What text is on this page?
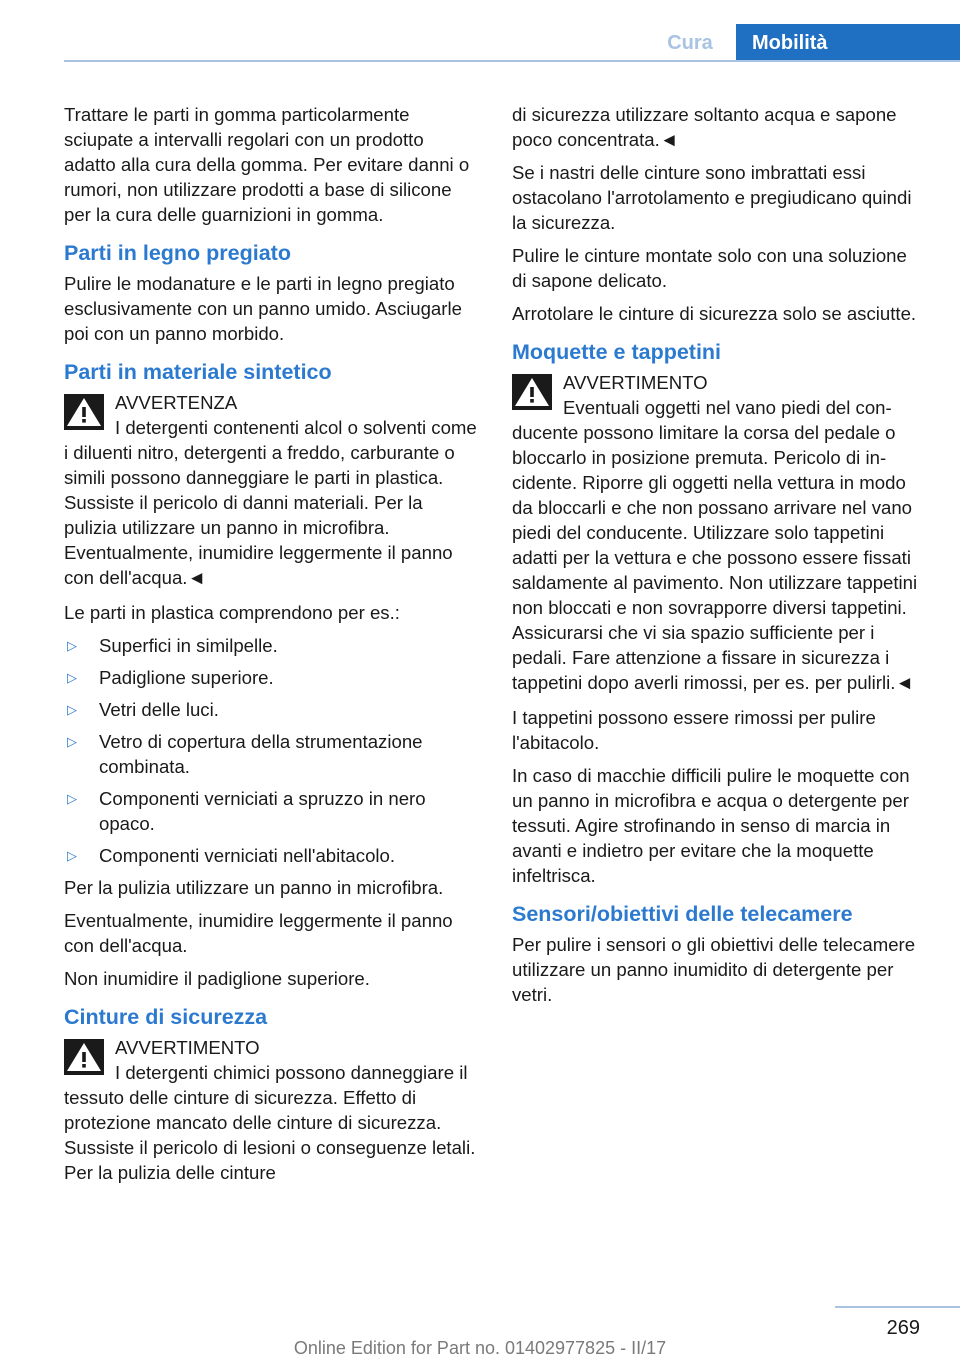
Cura	Mobilità

Trattare le parti in gomma particolarmente sciupate a intervalli regolari con un prodotto adatto alla cura della gomma. Per evitare danni o rumori, non utilizzare prodotti a base di silicone per la cura delle guarnizioni in gomma.

Parti in legno pregiato

Pulire le modanature e le parti in legno pregiato esclusivamente con un panno umido. Asciugarle poi con un panno morbido.

Parti in materiale sintetico

AVVERTENZA

I detergenti contenenti alcol o solventi come i diluenti nitro, detergenti a freddo, carburante o simili possono danneggiare le parti in plastica. Sussiste il pericolo di danni materiali. Per la pulizia utilizzare un panno in microfibra. Eventualmente, inumidire leggermente il panno con dell'acqua.◄

Le parti in plastica comprendono per es.:

▷ Superfici in similpelle.
▷ Padiglione superiore.
▷ Vetri delle luci.
▷ Vetro di copertura della strumentazione combinata.
▷ Componenti verniciati a spruzzo in nero opaco.
▷ Componenti verniciati nell'abitacolo.

Per la pulizia utilizzare un panno in microfibra.

Eventualmente, inumidire leggermente il panno con dell'acqua.

Non inumidire il padiglione superiore.

Cinture di sicurezza

AVVERTIMENTO

I detergenti chimici possono danneggiare il tessuto delle cinture di sicurezza. Effetto di protezione mancato delle cinture di sicurezza. Sussiste il pericolo di lesioni o conseguenze letali. Per la pulizia delle cinture

di sicurezza utilizzare soltanto acqua e sapone poco concentrata.◄

Se i nastri delle cinture sono imbrattati essi ostacolano l'arrotolamento e pregiudicano quindi la sicurezza.

Pulire le cinture montate solo con una soluzione di sapone delicato.

Arrotolare le cinture di sicurezza solo se asciutte.

Moquette e tappetini

AVVERTIMENTO

Eventuali oggetti nel vano piedi del conducente possono limitare la corsa del pedale o bloccarlo in posizione premuta. Pericolo di incidente. Riporre gli oggetti nella vettura in modo da bloccarli e che non possano arrivare nel vano piedi del conducente. Utilizzare solo tappetini adatti per la vettura e che possono essere fissati saldamente al pavimento. Non utilizzare tappetini non bloccati e non sovrapporre diversi tappetini. Assicurarsi che vi sia spazio sufficiente per i pedali. Fare attenzione a fissare in sicurezza i tappetini dopo averli rimossi, per es. per pulirli.◄

I tappetini possono essere rimossi per pulire l'abitacolo.

In caso di macchie difficili pulire le moquette con un panno in microfibra e acqua o detergente per tessuti. Agire strofinando in senso di marcia in avanti e indietro per evitare che la moquette infeltrisca.

Sensori/obiettivi delle telecamere

Per pulire i sensori o gli obiettivi delle telecamere utilizzare un panno inumidito di detergente per vetri.

269
Online Edition for Part no. 01402977825 - II/17
